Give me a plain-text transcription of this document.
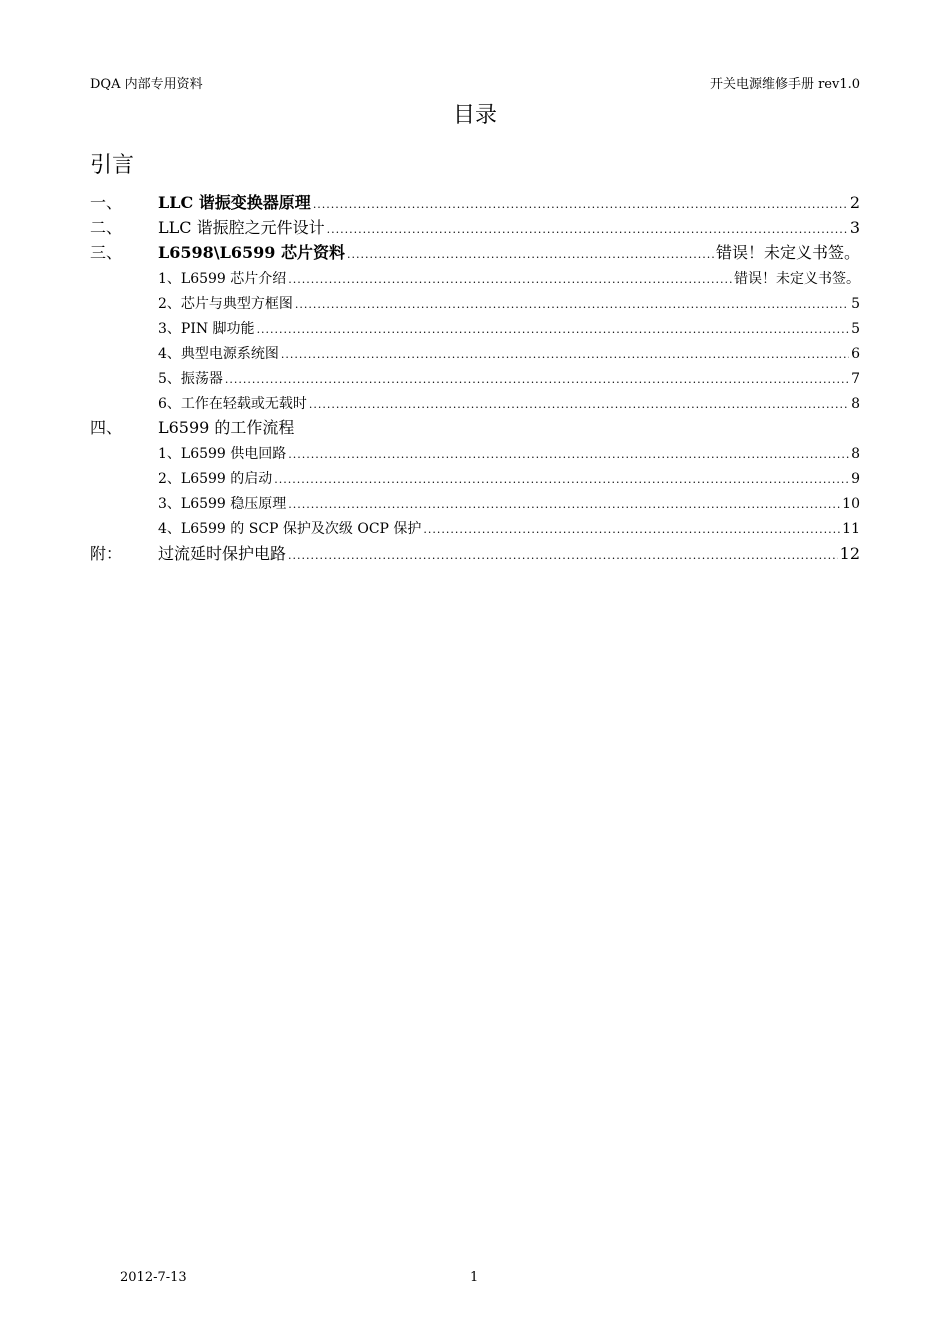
DQA 内部专用资料	开关电源维修手册 rev1.0
目录
引言
一、	LLC 谐振变换器原理 .....	2
二、	LLC 谐振腔之元件设计 .....	3
三、	L6598\L6599 芯片资料 .....	错误！未定义书签。
1、L6599 芯片介绍 .....	错误！未定义书签。
2、芯片与典型方框图 .....	5
3、PIN 脚功能 .....	5
4、典型电源系统图 .....	6
5、振荡器 .....	7
6、工作在轻载或无载时 .....	8
四、	L6599 的工作流程
1、L6599 供电回路 .....	8
2、L6599 的启动 .....	9
3、L6599 稳压原理 .....	10
4、L6599 的 SCP 保护及次级 OCP 保护 .....	11
附：	过流延时保护电路 .....	12
2012-7-13	1
